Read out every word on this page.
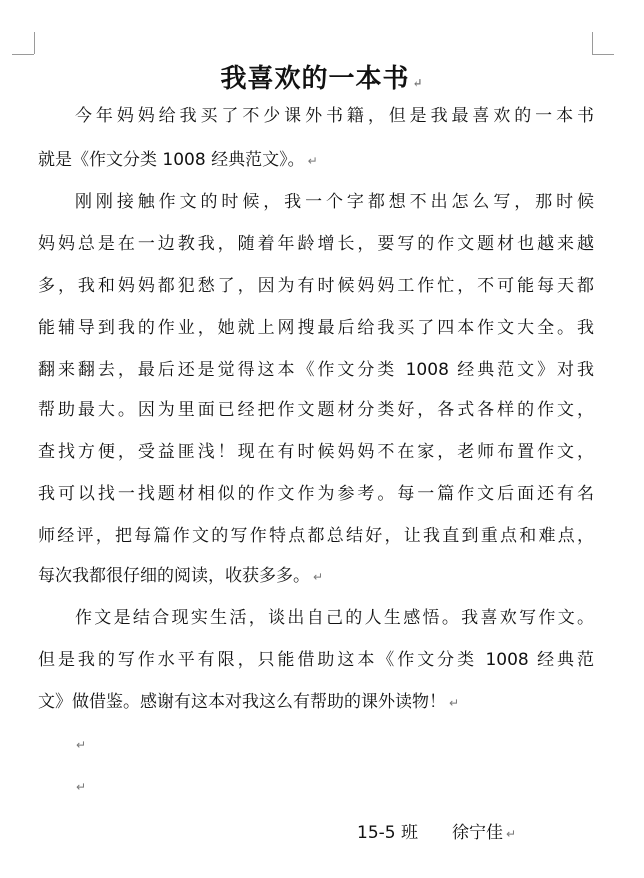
我喜欢的一本书 ↵
今年妈妈给我买了不少课外书籍，但是我最喜欢的一本书
就是《作文分类 1008 经典范文》。 ↵
刚刚接触作文的时候，我一个字都想不出怎么写，那时候
妈妈总是在一边教我，随着年龄增长，要写的作文题材也越来越
多，我和妈妈都犯愁了，因为有时候妈妈工作忙，不可能每天都
能辅导到我的作业，她就上网搜最后给我买了四本作文大全。我
翻来翻去，最后还是觉得这本《作文分类 1008 经典范文》对我
帮助最大。因为里面已经把作文题材分类好，各式各样的作文，
查找方便，受益匪浅！现在有时候妈妈不在家，老师布置作文，
我可以找一找题材相似的作文作为参考。每一篇作文后面还有名
师经评，把每篇作文的写作特点都总结好，让我直到重点和难点，
每次我都很仔细的阅读，收获多多。 ↵
作文是结合现实生活，谈出自己的人生感悟。我喜欢写作文。
但是我的写作水平有限，只能借助这本《作文分类 1008 经典范
文》做借鉴。感谢有这本对我这么有帮助的课外读物！ ↵
↵
↵
15-5 班 徐宁佳 ↵
